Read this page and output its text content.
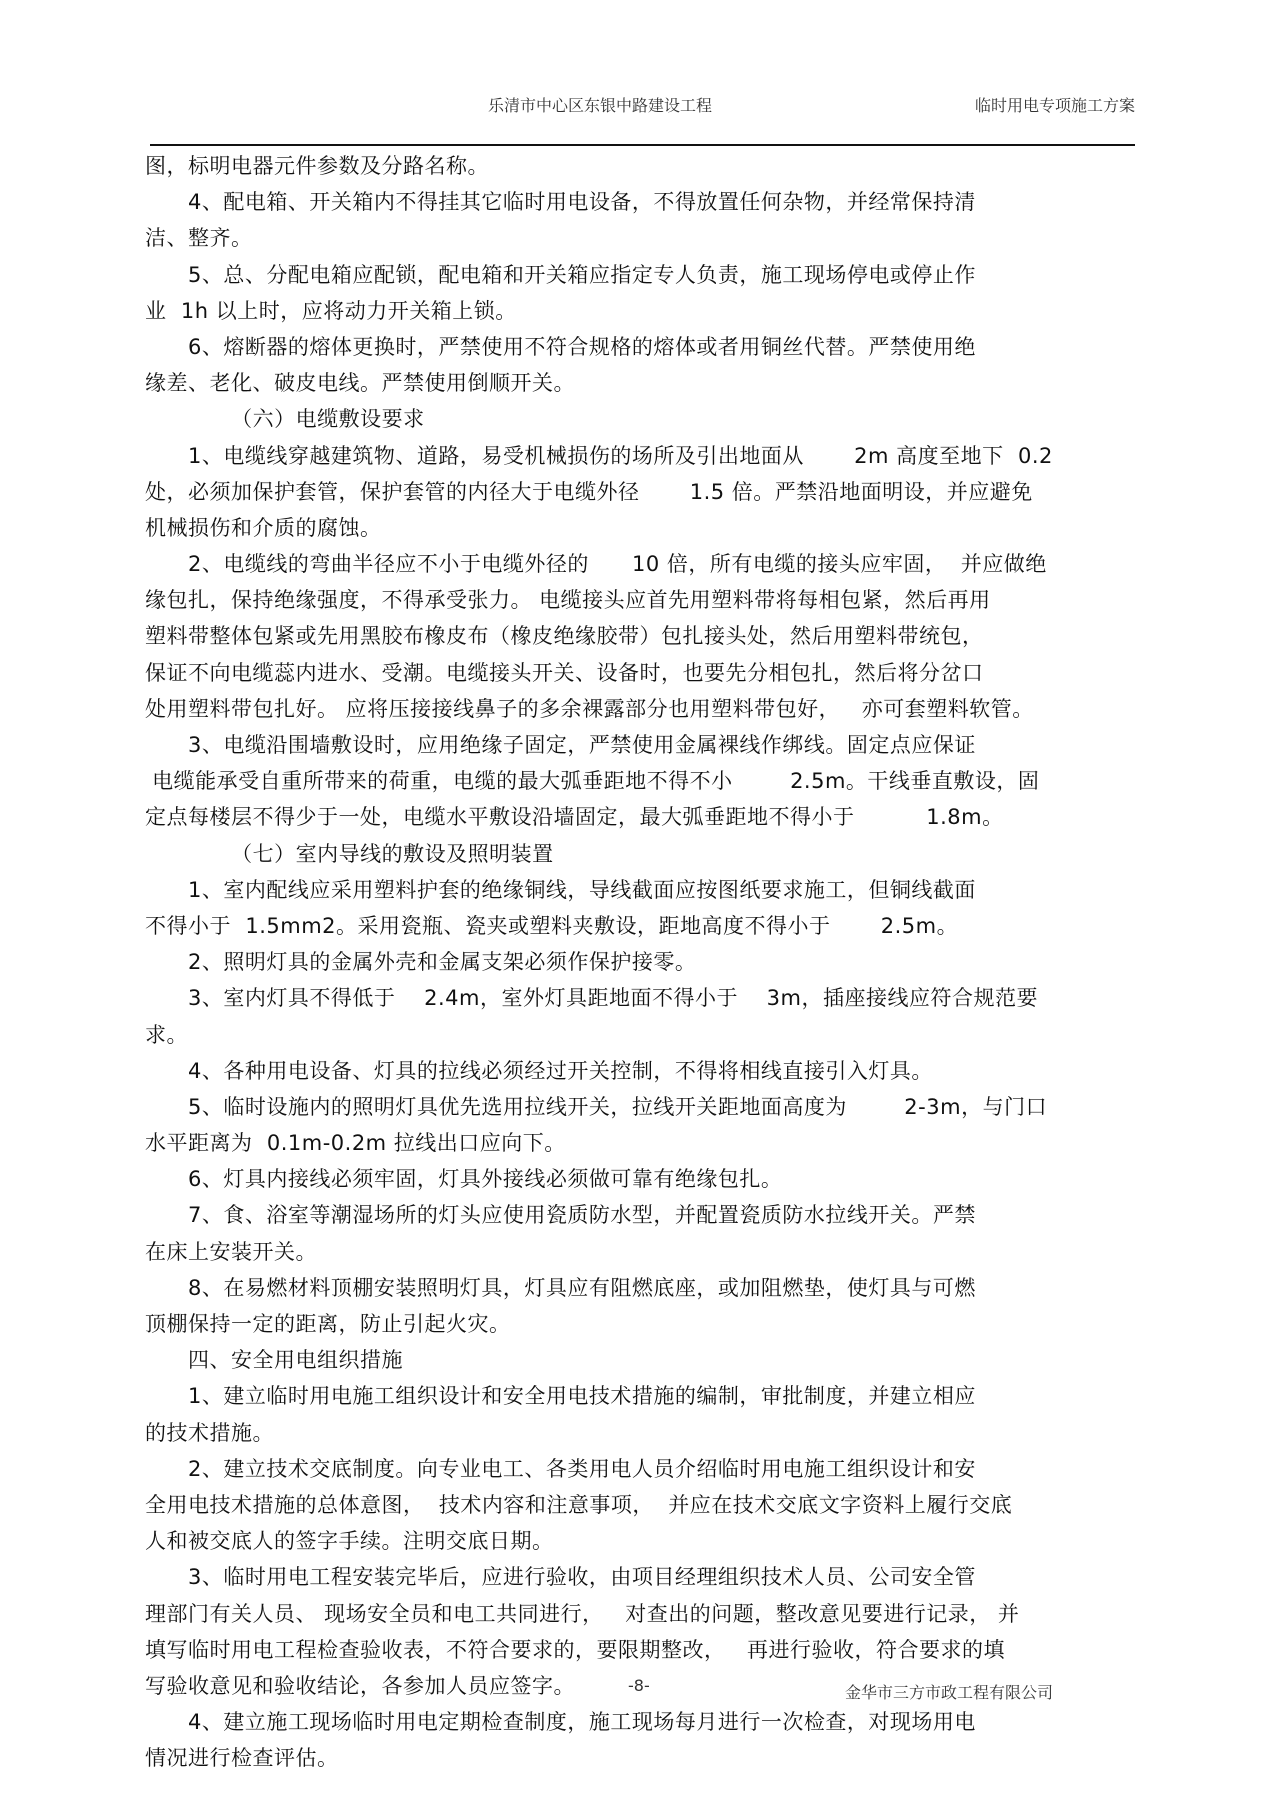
乐清市中心区东银中路建设工程	临时用电专项施工方案
图，标明电器元件参数及分路名称。
4、配电箱、开关箱内不得挂其它临时用电设备，不得放置任何杂物，并经常保持清
洁、整齐。
5、总、分配电箱应配锁，配电箱和开关箱应指定专人负责，施工现场停电或停止作
业  1h 以上时，应将动力开关箱上锁。
6、熔断器的熔体更换时，严禁使用不符合规格的熔体或者用铜丝代替。严禁使用绝
缘差、老化、破皮电线。严禁使用倒顺开关。
（六）电缆敷设要求
1、电缆线穿越建筑物、道路，易受机械损伤的场所及引出地面从       2m 高度至地下  0.2
处，必须加保护套管，保护套管的内径大于电缆外径       1.5 倍。严禁沿地面明设，并应避免
机械损伤和介质的腐蚀。
2、电缆线的弯曲半径应不小于电缆外径的      10 倍，所有电缆的接头应牢固，  并应做绝
缘包扎，保持绝缘强度，不得承受张力。 电缆接头应首先用塑料带将每相包紧，然后再用
塑料带整体包紧或先用黑胶布橡皮布（橡皮绝缘胶带）包扎接头处，然后用塑料带统包，
保证不向电缆蕊内进水、受潮。电缆接头开关、设备时，也要先分相包扎，然后将分岔口
处用塑料带包扎好。 应将压接接线鼻子的多余裸露部分也用塑料带包好，   亦可套塑料软管。
3、电缆沿围墙敷设时，应用绝缘子固定，严禁使用金属裸线作绑线。固定点应保证
电缆能承受自重所带来的荷重，电缆的最大弧垂距地不得不小        2.5m。干线垂直敷设，固
定点每楼层不得少于一处，电缆水平敷设沿墙固定，最大弧垂距地不得小于          1.8m。
（七）室内导线的敷设及照明装置
1、室内配线应采用塑料护套的绝缘铜线，导线截面应按图纸要求施工，但铜线截面
不得小于  1.5mm2。采用瓷瓶、瓷夹或塑料夹敷设，距地高度不得小于       2.5m。
2、照明灯具的金属外壳和金属支架必须作保护接零。
3、室内灯具不得低于    2.4m，室外灯具距地面不得小于    3m，插座接线应符合规范要
求。
4、各种用电设备、灯具的拉线必须经过开关控制，不得将相线直接引入灯具。
5、临时设施内的照明灯具优先选用拉线开关，拉线开关距地面高度为        2-3m，与门口
水平距离为  0.1m-0.2m 拉线出口应向下。
6、灯具内接线必须牢固，灯具外接线必须做可靠有绝缘包扎。
7、食、浴室等潮湿场所的灯头应使用瓷质防水型，并配置瓷质防水拉线开关。严禁
在床上安装开关。
8、在易燃材料顶棚安装照明灯具，灯具应有阻燃底座，或加阻燃垫，使灯具与可燃
顶棚保持一定的距离，防止引起火灾。
四、安全用电组织措施
1、建立临时用电施工组织设计和安全用电技术措施的编制，审批制度，并建立相应
的技术措施。
2、建立技术交底制度。向专业电工、各类用电人员介绍临时用电施工组织设计和安
全用电技术措施的总体意图，  技术内容和注意事项，  并应在技术交底文字资料上履行交底
人和被交底人的签字手续。注明交底日期。
3、临时用电工程安装完毕后，应进行验收，由项目经理组织技术人员、公司安全管
理部门有关人员、 现场安全员和电工共同进行，   对查出的问题，整改意见要进行记录， 并
填写临时用电工程检查验收表，不符合要求的，要限期整改，   再进行验收，符合要求的填
写验收意见和验收结论，各参加人员应签字。
4、建立施工现场临时用电定期检查制度，施工现场每月进行一次检查，对现场用电
情况进行检查评估。
-8-	金华市三方市政工程有限公司
